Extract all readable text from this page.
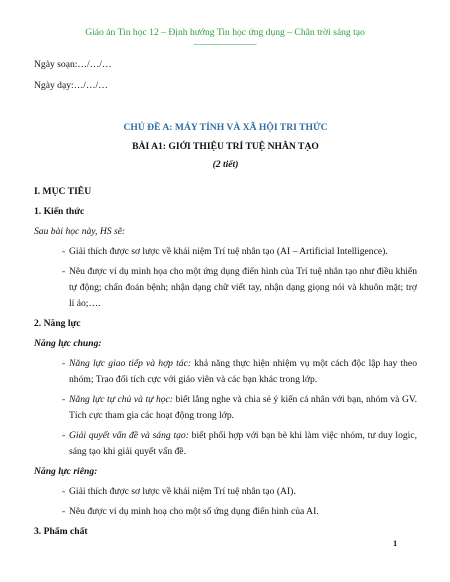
Giáo án Tin học 12 – Định hướng Tin học ứng dụng – Chân trời sáng tạo
-------------------------------

Ngày soạn:…/…/…

Ngày dạy:…/…/…

CHỦ ĐỀ A: MÁY TÍNH VÀ XÃ HỘI TRI THỨC

BÀI A1: GIỚI THIỆU TRÍ TUỆ NHÂN TẠO

(2 tiết)

I. MỤC TIÊU

1. Kiến thức

Sau bài học này, HS sẽ:

- Giải thích được sơ lược về khái niệm Trí tuệ nhân tạo (AI – Artificial Intelligence).
- Nêu được ví dụ minh họa cho một ứng dụng điển hình của Trí tuệ nhân tạo như điều khiển tự động; chẩn đoán bệnh; nhận dạng chữ viết tay, nhận dạng giọng nói và khuôn mặt; trợ lí ảo;….

2. Năng lực

Năng lực chung:

- Năng lực giao tiếp và hợp tác: khả năng thực hiện nhiệm vụ một cách độc lập hay theo nhóm; Trao đổi tích cực với giáo viên và các bạn khác trong lớp.
- Năng lực tự chủ và tự học: biết lắng nghe và chia sẻ ý kiến cá nhân với bạn, nhóm và GV. Tích cực tham gia các hoạt động trong lớp.
- Giải quyết vấn đề và sáng tạo: biết phối hợp với bạn bè khi làm việc nhóm, tư duy logic, sáng tạo khi giải quyết vấn đề.

Năng lực riêng:

- Giải thích được sơ lược về khái niệm Trí tuệ nhân tạo (AI).
- Nêu được ví dụ minh hoạ cho một số ứng dụng điển hình của AI.

3. Phẩm chất

1
